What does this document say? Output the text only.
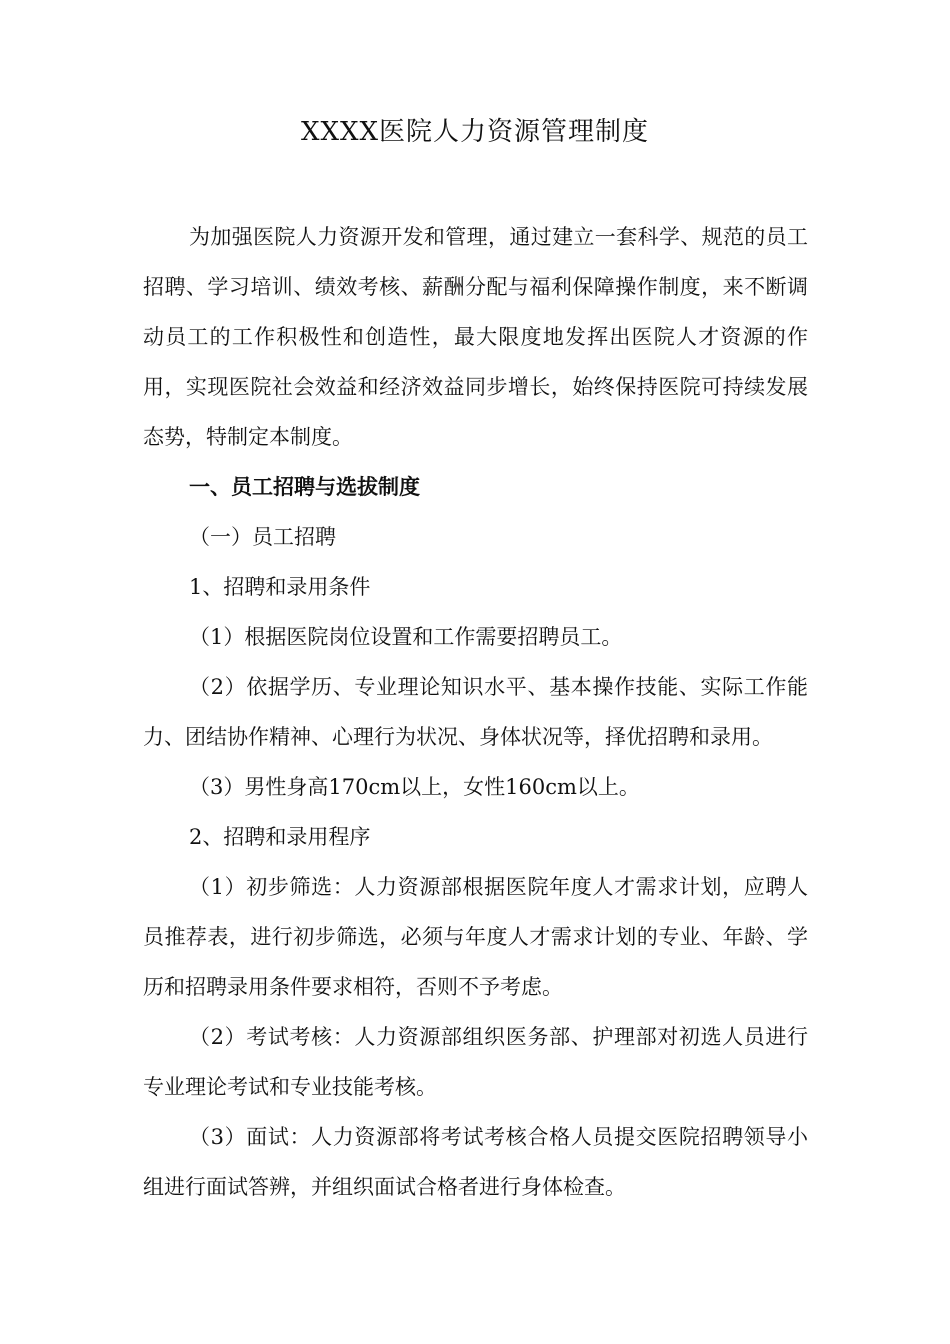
XXXX医院人力资源管理制度

为加强医院人力资源开发和管理，通过建立一套科学、规范的员工招聘、学习培训、绩效考核、薪酬分配与福利保障操作制度，来不断调动员工的工作积极性和创造性，最大限度地发挥出医院人才资源的作用，实现医院社会效益和经济效益同步增长，始终保持医院可持续发展态势，特制定本制度。

一、员工招聘与选拔制度

（一）员工招聘

1、招聘和录用条件

（1）根据医院岗位设置和工作需要招聘员工。

（2）依据学历、专业理论知识水平、基本操作技能、实际工作能力、团结协作精神、心理行为状况、身体状况等，择优招聘和录用。

（3）男性身高170cm以上，女性160cm以上。

2、招聘和录用程序

（1）初步筛选：人力资源部根据医院年度人才需求计划，应聘人员推荐表，进行初步筛选，必须与年度人才需求计划的专业、年龄、学历和招聘录用条件要求相符，否则不予考虑。

（2）考试考核：人力资源部组织医务部、护理部对初选人员进行专业理论考试和专业技能考核。

（3）面试：人力资源部将考试考核合格人员提交医院招聘领导小组进行面试答辨，并组织面试合格者进行身体检查。
